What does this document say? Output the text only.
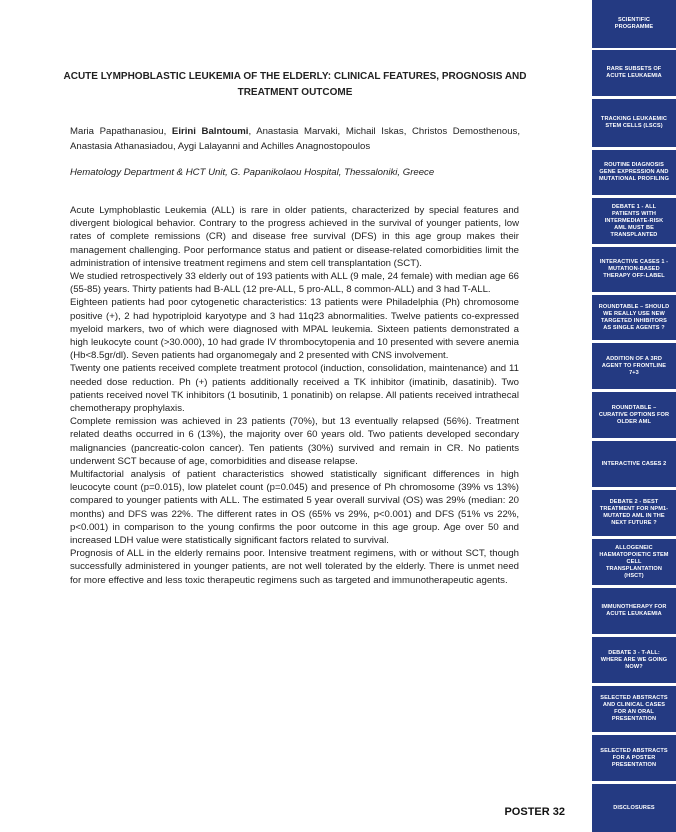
ACUTE LYMPHOBLASTIC LEUKEMIA OF THE ELDERLY: CLINICAL FEATURES, PROGNOSIS AND TREATMENT OUTCOME
Maria Papathanasiou, Eirini Balntoumi, Anastasia Marvaki, Michail Iskas, Christos Demosthenous, Anastasia Athanasiadou, Aygi Lalayanni and Achilles Anagnostopoulos
Hematology Department & HCT Unit, G. Papanikolaou Hospital, Thessaloniki, Greece

Acute Lymphoblastic Leukemia (ALL) is rare in older patients, characterized by special features and divergent biological behavior. Contrary to the progress achieved in the survival of younger patients, low rates of complete remissions (CR) and disease free survival (DFS) in this age group makes their management challenging. Poor performance status and patient or disease-related comorbidities limit the administration of intensive treatment regimens and stem cell transplantation (SCT).

We studied retrospectively 33 elderly out of 193 patients with ALL (9 male, 24 female) with median age 66 (55-85) years. Thirty patients had B-ALL (12 pre-ALL, 5 pro-ALL, 8 common-ALL) and 3 had T-ALL.

Eighteen patients had poor cytogenetic characteristics: 13 patients were Philadelphia (Ph) chromosome positive (+), 2 had hypotriploid karyotype and 3 had 11q23 abnormalities. Twelve patients co-expressed myeloid markers, two of which were diagnosed with MPAL leukemia. Sixteen patients demonstrated a high leukocyte count (>30.000), 10 had grade IV thrombocytopenia and 10 presented with severe anemia (Hb<8.5gr/dl). Seven patients had organomegaly and 2 presented with CNS involvement.

Twenty one patients received complete treatment protocol (induction, consolidation, maintenance) and 11 needed dose reduction. Ph (+) patients additionally received a TK inhibitor (imatinib, dasatinib). Two patients received novel TK inhibitors (1 bosutinib, 1 ponatinib) on relapse. All patients received intrathecal chemotherapy prophylaxis.

Complete remission was achieved in 23 patients (70%), but 13 eventually relapsed (56%). Treatment related deaths occurred in 6 (13%), the majority over 60 years old. Two patients developed secondary malignancies (pancreatic-colon cancer). Ten patients (30%) survived and remain in CR. No patients underwent SCT because of age, comorbidities and disease relapse.

Multifactorial analysis of patient characteristics showed statistically significant differences in high leucocyte count (p=0.015), low platelet count (p=0.045) and presence of Ph chromosome (39% vs 13%) compared to younger patients with ALL. The estimated 5 year overall survival (OS) was 29% (median: 20 months) and DFS was 22%. The different rates in OS (65% vs 29%, p<0.001) and DFS (51% vs 22%, p<0.001) in comparison to the young confirms the poor outcome in this age group. Age over 50 and increased LDH value were statistically significant factors related to survival.

Prognosis of ALL in the elderly remains poor. Intensive treatment regimens, with or without SCT, though successfully administered in younger patients, are not well tolerated by the elderly. There is unmet need for more effective and less toxic therapeutic regimens such as targeted and immunotherapeutic agents.

POSTER 32
SCIENTIFIC PROGRAMME
RARE SUBSETS OF ACUTE LEUKAEMIA
TRACKING LEUKAEMIC STEM CELLS (LSCS)
ROUTINE DIAGNOSIS GENE EXPRESSION AND MUTATIONAL PROFILING
DEBATE 1 - ALL PATIENTS WITH INTERMEDIATE-RISK AML MUST BE TRANSPLANTED
INTERACTIVE CASES 1 - MUTATION-BASED THERAPY OFF-LABEL
ROUNDTABLE – SHOULD WE REALLY USE NEW TARGETED INHIBITORS AS SINGLE AGENTS ?
ADDITION OF A 3RD AGENT TO FRONTLINE 7+3
ROUNDTABLE – CURATIVE OPTIONS FOR OLDER AML
INTERACTIVE CASES 2
DEBATE 2 - BEST TREATMENT FOR NPM1-MUTATED AML IN THE NEXT FUTURE ?
ALLOGENEIC HAEMATOPOIETIC STEM CELL TRANSPLANTATION (HSCT)
IMMUNOTHERAPY FOR ACUTE LEUKAEMIA
DEBATE 3 - T-ALL: WHERE ARE WE GOING NOW?
SELECTED ABSTRACTS AND CLINICAL CASES FOR AN ORAL PRESENTATION
SELECTED ABSTRACTS FOR A POSTER PRESENTATION
DISCLOSURES
